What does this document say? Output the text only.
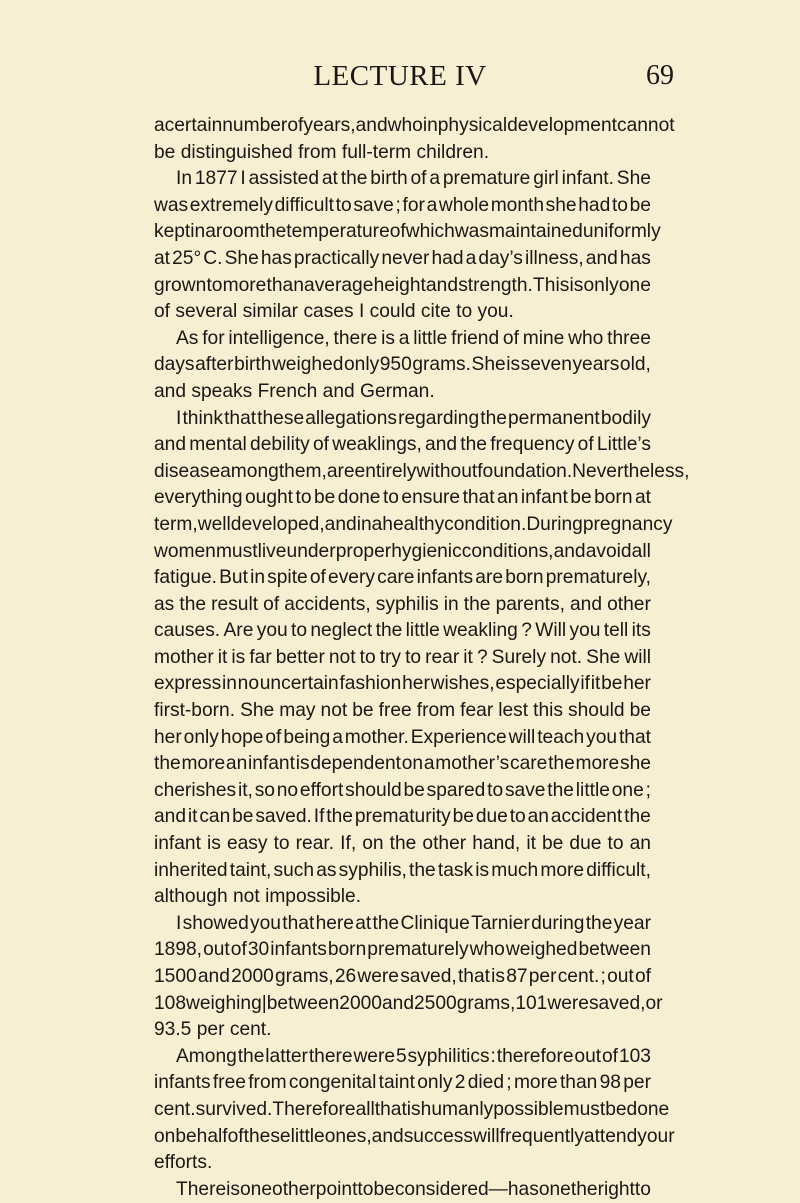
LECTURE IV	69
a certain number of years, and who in physical development cannot
be distinguished from full-term children.
In 1877 I assisted at the birth of a premature girl infant. She
was extremely difficult to save ; for a whole month she had to be
kept in a room the temperature of which was maintained uniformly
at 25° C. She has practically never had a day’s illness, and has
grown to more than average height and strength. This is only one
of several similar cases I could cite to you.
As for intelligence, there is a little friend of mine who three
days after birth weighed only 950 grams. She is seven years old,
and speaks French and German.
I think that these allegations regarding the permanent bodily
and mental debility of weaklings, and the frequency of Little’s
disease among them, are entirely without foundation. Nevertheless,
everything ought to be done to ensure that an infant be born at
term, well developed, and in a healthy condition. During pregnancy
women must live under proper hygienic conditions, and avoid all
fatigue. But in spite of every care infants are born prematurely,
as the result of accidents, syphilis in the parents, and other
causes. Are you to neglect the little weakling ? Will you tell its
mother it is far better not to try to rear it ? Surely not. She will
express in no uncertain fashion her wishes, especially if it be her
first-born. She may not be free from fear lest this should be
her only hope of being a mother. Experience will teach you that
the more an infant is dependent on a mother’s care the more she
cherishes it, so no effort should be spared to save the little one ;
and it can be saved. If the prematurity be due to an accident the
infant is easy to rear. If, on the other hand, it be due to an
inherited taint, such as syphilis, the task is much more difficult,
although not impossible.
I showed you that here at the Clinique Tarnier during the year
1898, out of 30 infants born prematurely who weighed between
1500 and 2000 grams, 26 were saved, that is 87 per cent. ; out of
108 weighing| between 2000 and 2500 grams, 101 were saved, or
93.5 per cent.
Among the latter there were 5 syphilitics : therefore out of 103
infants free from congenital taint only 2 died ; more than 98 per
cent. survived. Therefore all that is humanly possible must be done
on behalf of these little ones, and success will frequently attend your
efforts.
There is one other point to be considered—has one the right to
